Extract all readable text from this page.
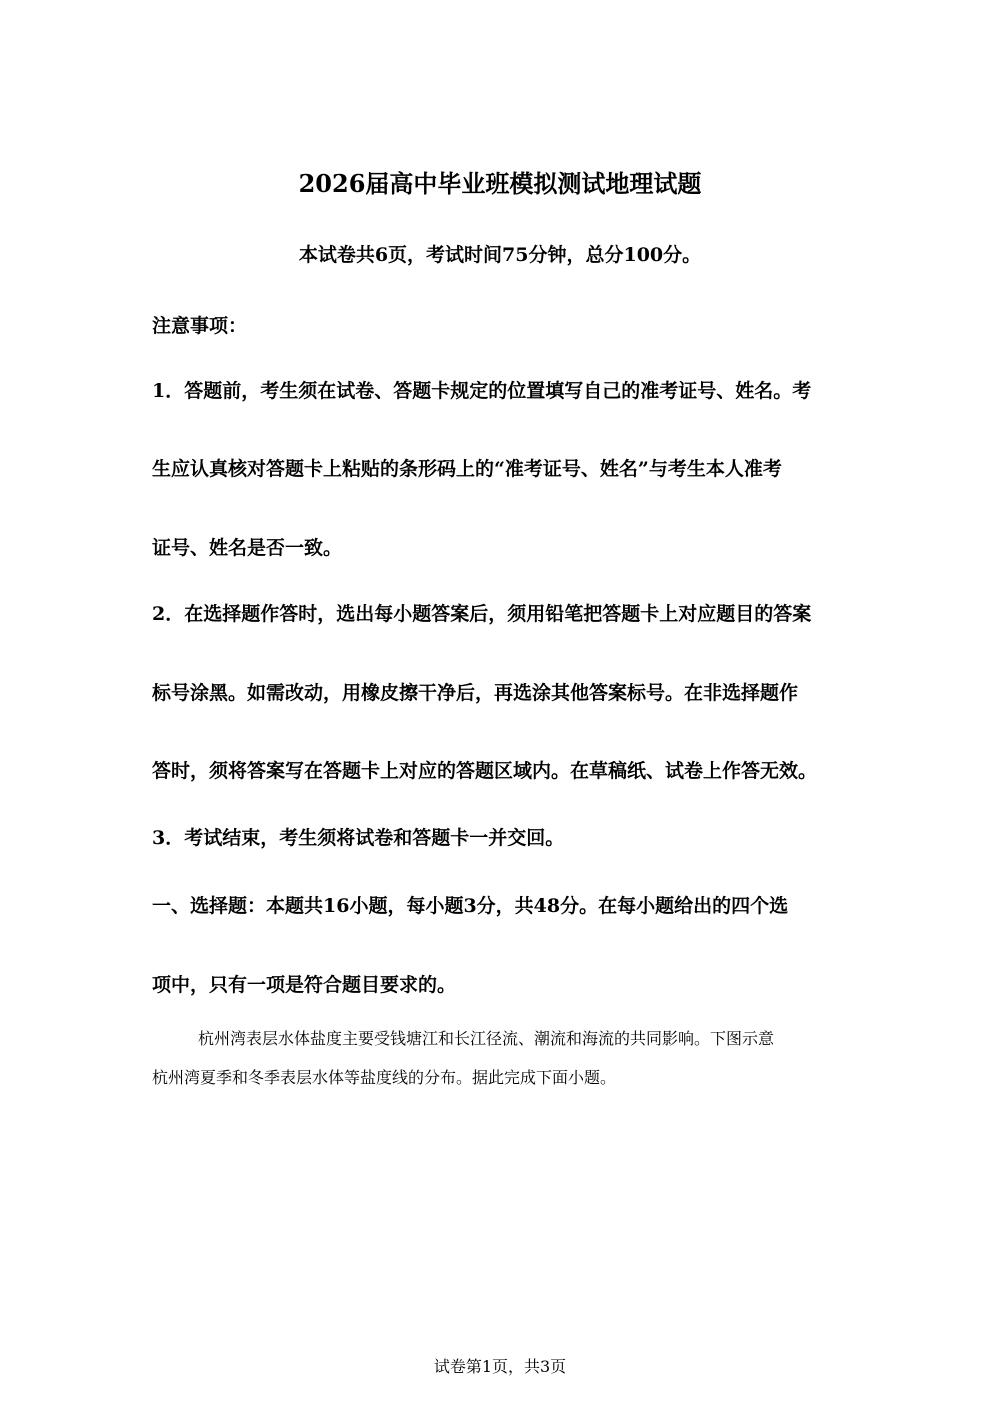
2026届高中毕业班模拟测试地理试题
本试卷共6页，考试时间75分钟，总分100分。
注意事项：
1．答题前，考生须在试卷、答题卡规定的位置填写自己的准考证号、姓名。考
生应认真核对答题卡上粘贴的条形码上的“准考证号、姓名”与考生本人准考
证号、姓名是否一致。
2．在选择题作答时，选出每小题答案后，须用铅笔把答题卡上对应题目的答案
标号涂黑。如需改动，用橡皮擦干净后，再选涂其他答案标号。在非选择题作
答时，须将答案写在答题卡上对应的答题区域内。在草稿纸、试卷上作答无效。
3．考试结束，考生须将试卷和答题卡一并交回。
一、选择题：本题共16小题，每小题3分，共48分。在每小题给出的四个选
项中，只有一项是符合题目要求的。
杭州湾表层水体盐度主要受钱塘江和长江径流、潮流和海流的共同影响。下图示意
杭州湾夏季和冬季表层水体等盐度线的分布。据此完成下面小题。
试卷第1页，共3页
